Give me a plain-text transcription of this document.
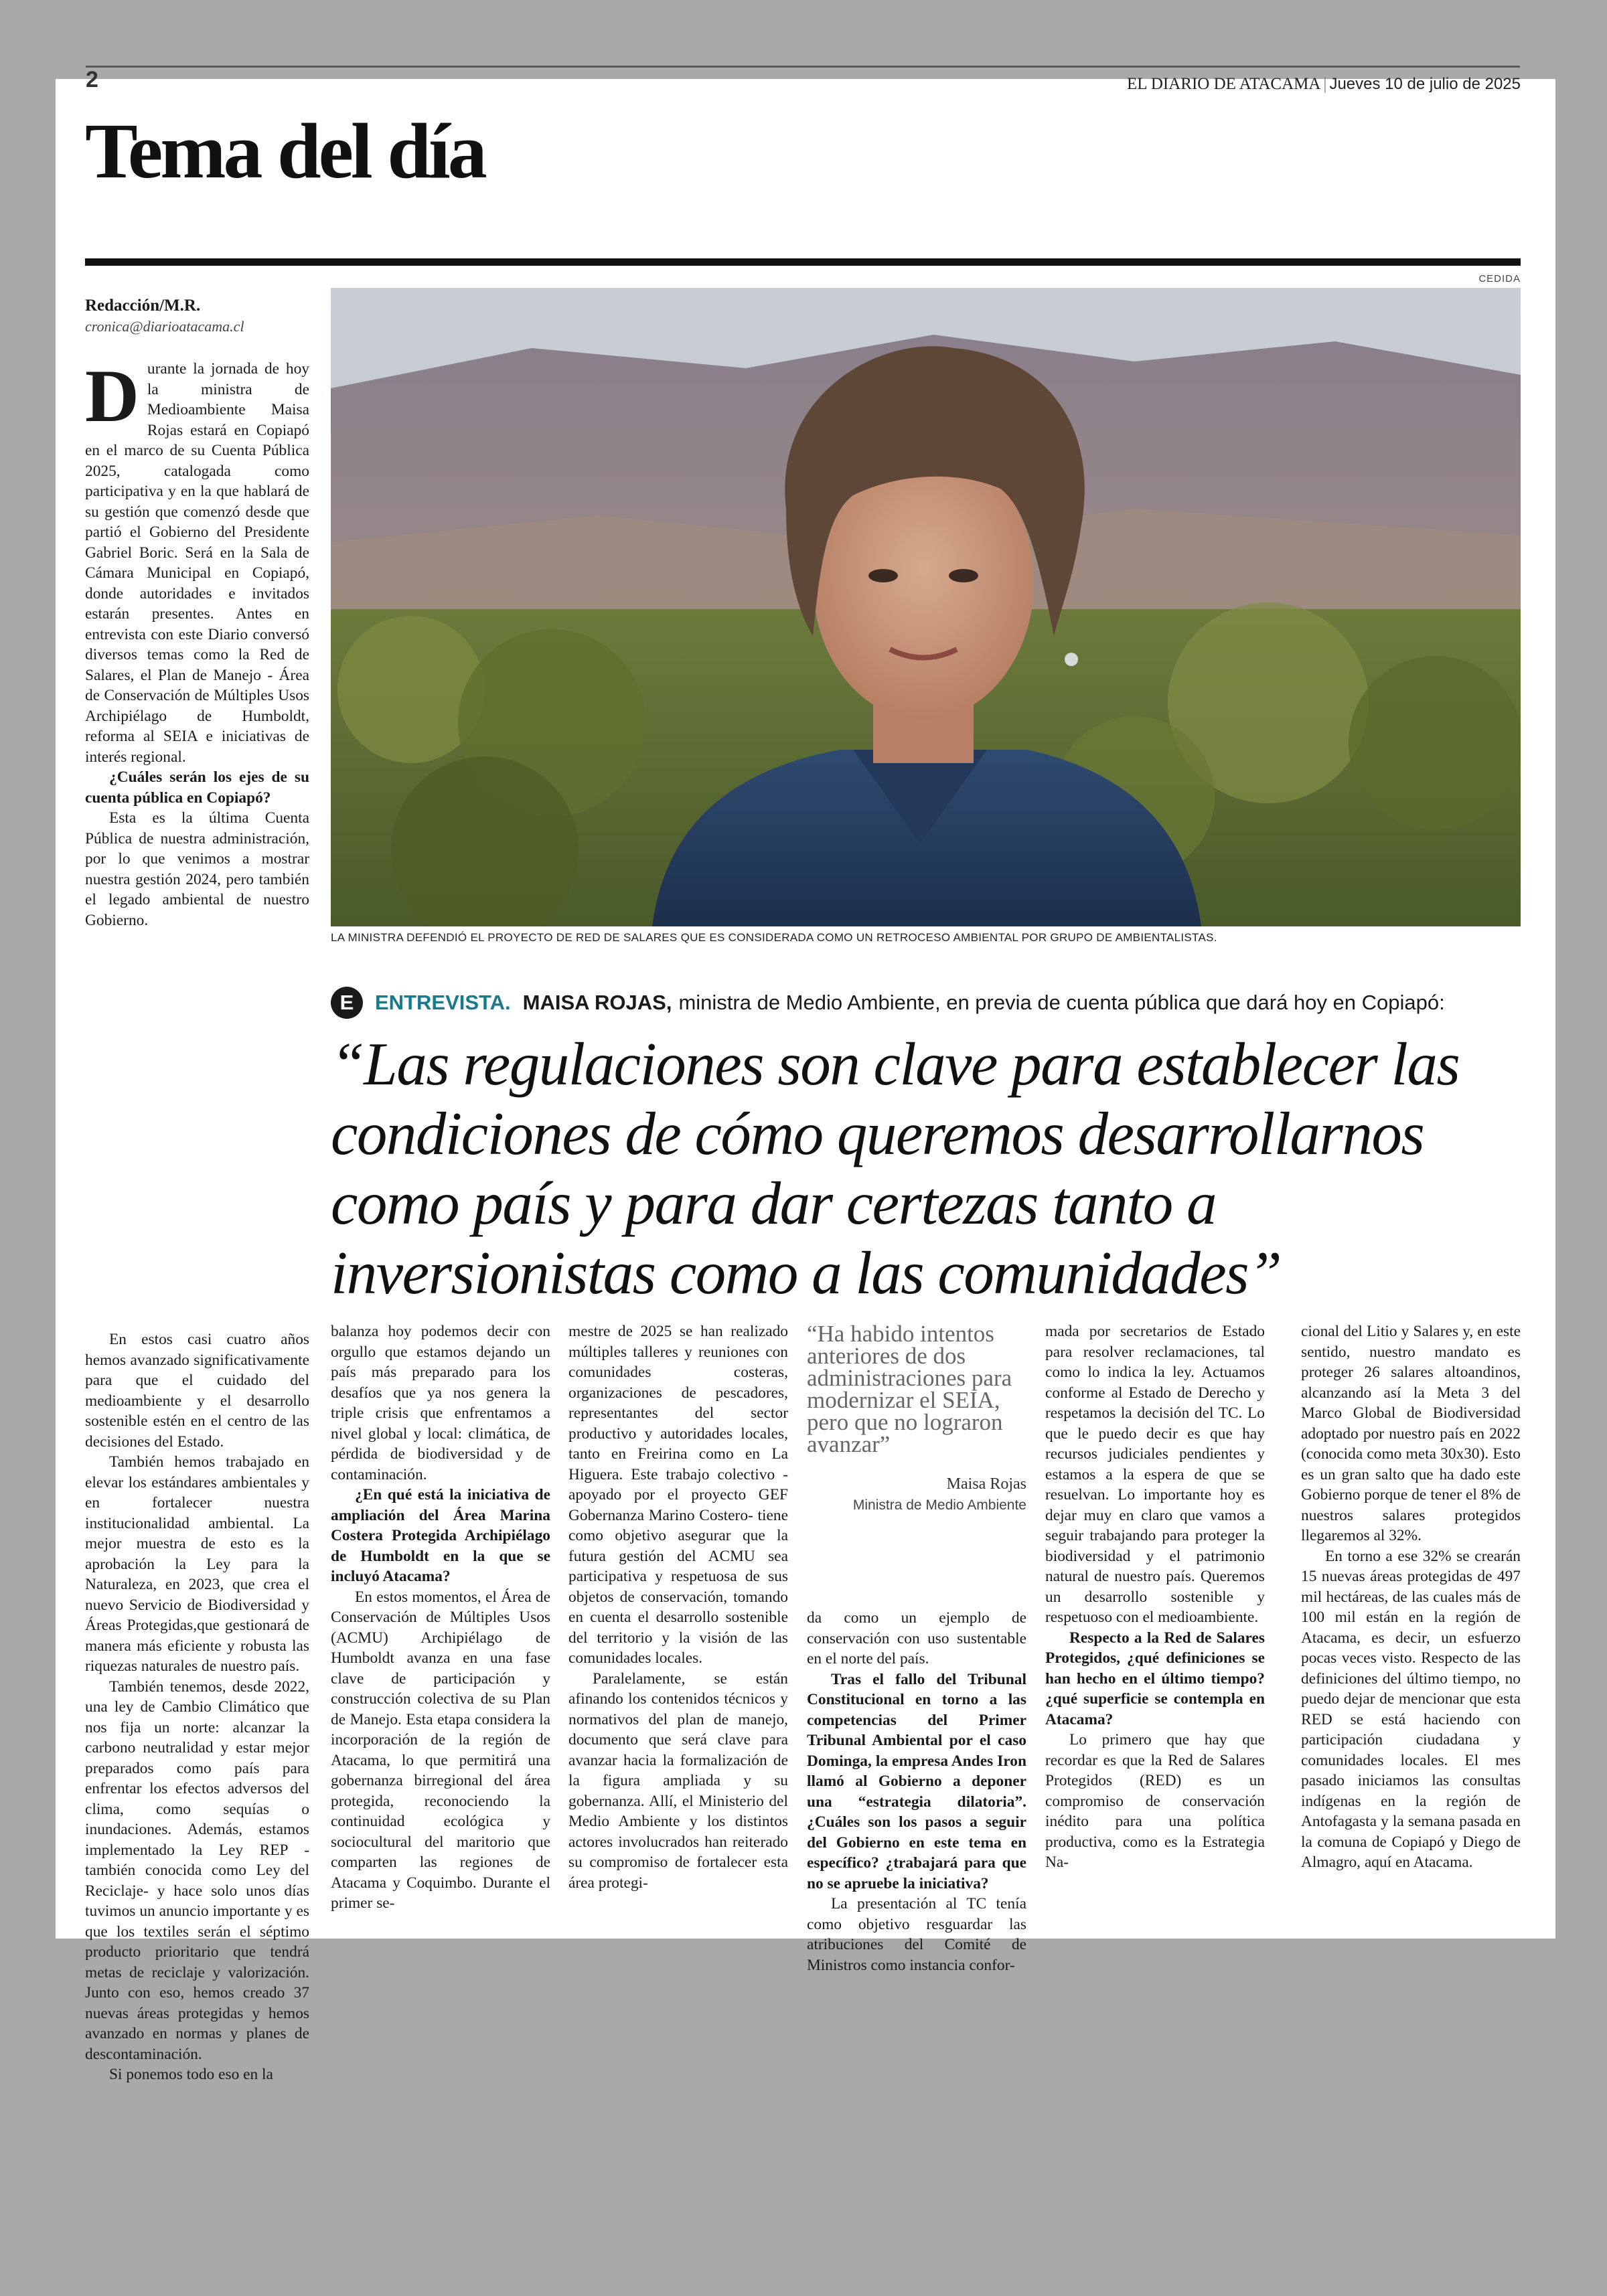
2	EL DIARIO DE ATACAMA | Jueves 10 de julio de 2025
Tema del día
CEDIDA
Redacción/M.R.
cronica@diarioatacama.cl

Durante la jornada de hoy la ministra de Medioambiente Maisa Rojas estará en Copiapó en el marco de su Cuenta Pública 2025, catalogada como participativa y en la que hablará de su gestión que comenzó desde que partió el Gobierno del Presidente Gabriel Boric. Será en la Sala de Cámara Municipal en Copiapó, donde autoridades e invitados estarán presentes. Antes en entrevista con este Diario conversó diversos temas como la Red de Salares, el Plan de Manejo - Área de Conservación de Múltiples Usos Archipiélago de Humboldt, reforma al SEIA e iniciativas de interés regional.

¿Cuáles serán los ejes de su cuenta pública en Copiapó?

Esta es la última Cuenta Pública de nuestra administración, por lo que venimos a mostrar nuestra gestión 2024, pero también el legado ambiental de nuestro Gobierno.

LA MINISTRA DEFENDIÓ EL PROYECTO DE RED DE SALARES QUE ES CONSIDERADA COMO UN RETROCESO AMBIENTAL POR GRUPO DE AMBIENTALISTAS.
E	ENTREVISTA. MAISA ROJAS, ministra de Medio Ambiente, en previa de cuenta pública que dará hoy en Copiapó:
“Las regulaciones son clave para establecer las condiciones de cómo queremos desarrollarnos como país y para dar certezas tanto a inversionistas como a las comunidades”

En estos casi cuatro años hemos avanzado significativamente para que el cuidado del medioambiente y el desarrollo sostenible estén en el centro de las decisiones del Estado.

También hemos trabajado en elevar los estándares ambientales y en fortalecer nuestra institucionalidad ambiental. La mejor muestra de esto es la aprobación la Ley para la Naturaleza, en 2023, que crea el nuevo Servicio de Biodiversidad y Áreas Protegidas,que gestionará de manera más eficiente y robusta las riquezas naturales de nuestro país.

También tenemos, desde 2022, una ley de Cambio Climático que nos fija un norte: alcanzar la carbono neutralidad y estar mejor preparados como país para enfrentar los efectos adversos del clima, como sequías o inundaciones. Además, estamos implementado la Ley REP -también conocida como Ley del Reciclaje- y hace solo unos días tuvimos un anuncio importante y es que los textiles serán el séptimo producto prioritario que tendrá metas de reciclaje y valorización. Junto con eso, hemos creado 37 nuevas áreas protegidas y hemos avanzado en normas y planes de descontaminación.

Si ponemos todo eso en la

balanza hoy podemos decir con orgullo que estamos dejando un país más preparado para los desafíos que ya nos genera la triple crisis que enfrentamos a nivel global y local: climática, de pérdida de biodiversidad y de contaminación.

¿En qué está la iniciativa de ampliación del Área Marina Costera Protegida Archipiélago de Humboldt en la que se incluyó Atacama?

En estos momentos, el Área de Conservación de Múltiples Usos (ACMU) Archipiélago de Humboldt avanza en una fase clave de participación y construcción colectiva de su Plan de Manejo. Esta etapa considera la incorporación de la región de Atacama, lo que permitirá una gobernanza birregional del área protegida, reconociendo la continuidad ecológica y sociocultural del maritorio que comparten las regiones de Atacama y Coquimbo. Durante el primer se-

mestre de 2025 se han realizado múltiples talleres y reuniones con comunidades costeras, organizaciones de pescadores, representantes del sector productivo y autoridades locales, tanto en Freirina como en La Higuera. Este trabajo colectivo -apoyado por el proyecto GEF Gobernanza Marino Costero- tiene como objetivo asegurar que la futura gestión del ACMU sea participativa y respetuosa de sus objetos de conservación, tomando en cuenta el desarrollo sostenible del territorio y la visión de las comunidades locales.

Paralelamente, se están afinando los contenidos técnicos y normativos del plan de manejo, documento que será clave para avanzar hacia la formalización de la figura ampliada y su gobernanza. Allí, el Ministerio del Medio Ambiente y los distintos actores involucrados han reiterado su compromiso de fortalecer esta área protegi-

“Ha habido intentos anteriores de dos administraciones para modernizar el SEIA, pero que no lograron avanzar”
Maisa Rojas
Ministra de Medio Ambiente

da como un ejemplo de conservación con uso sustentable en el norte del país.

Tras el fallo del Tribunal Constitucional en torno a las competencias del Primer Tribunal Ambiental por el caso Dominga, la empresa Andes Iron llamó al Gobierno a deponer una “estrategia dilatoria”. ¿Cuáles son los pasos a seguir del Gobierno en este tema en específico? ¿trabajará para que no se apruebe la iniciativa?

La presentación al TC tenía como objetivo resguardar las atribuciones del Comité de Ministros como instancia confor-

mada por secretarios de Estado para resolver reclamaciones, tal como lo indica la ley. Actuamos conforme al Estado de Derecho y respetamos la decisión del TC. Lo que le puedo decir es que hay recursos judiciales pendientes y estamos a la espera de que se resuelvan. Lo importante hoy es dejar muy en claro que vamos a seguir trabajando para proteger la biodiversidad y el patrimonio natural de nuestro país. Queremos un desarrollo sostenible y respetuoso con el medioambiente.

Respecto a la Red de Salares Protegidos, ¿qué definiciones se han hecho en el último tiempo? ¿qué superficie se contempla en Atacama?

Lo primero que hay que recordar es que la Red de Salares Protegidos (RED) es un compromiso de conservación inédito para una política productiva, como es la Estrategia Na-

cional del Litio y Salares y, en este sentido, nuestro mandato es proteger 26 salares altoandinos, alcanzando así la Meta 3 del Marco Global de Biodiversidad adoptado por nuestro país en 2022 (conocida como meta 30x30). Esto es un gran salto que ha dado este Gobierno porque de tener el 8% de nuestros salares protegidos llegaremos al 32%.

En torno a ese 32% se crearán 15 nuevas áreas protegidas de 497 mil hectáreas, de las cuales más de 100 mil están en la región de Atacama, es decir, un esfuerzo pocas veces visto. Respecto de las definiciones del último tiempo, no puedo dejar de mencionar que esta RED se está haciendo con participación ciudadana y comunidades locales. El mes pasado iniciamos las consultas indígenas en la región de Antofagasta y la semana pasada en la comuna de Copiapó y Diego de Almagro, aquí en Atacama.
